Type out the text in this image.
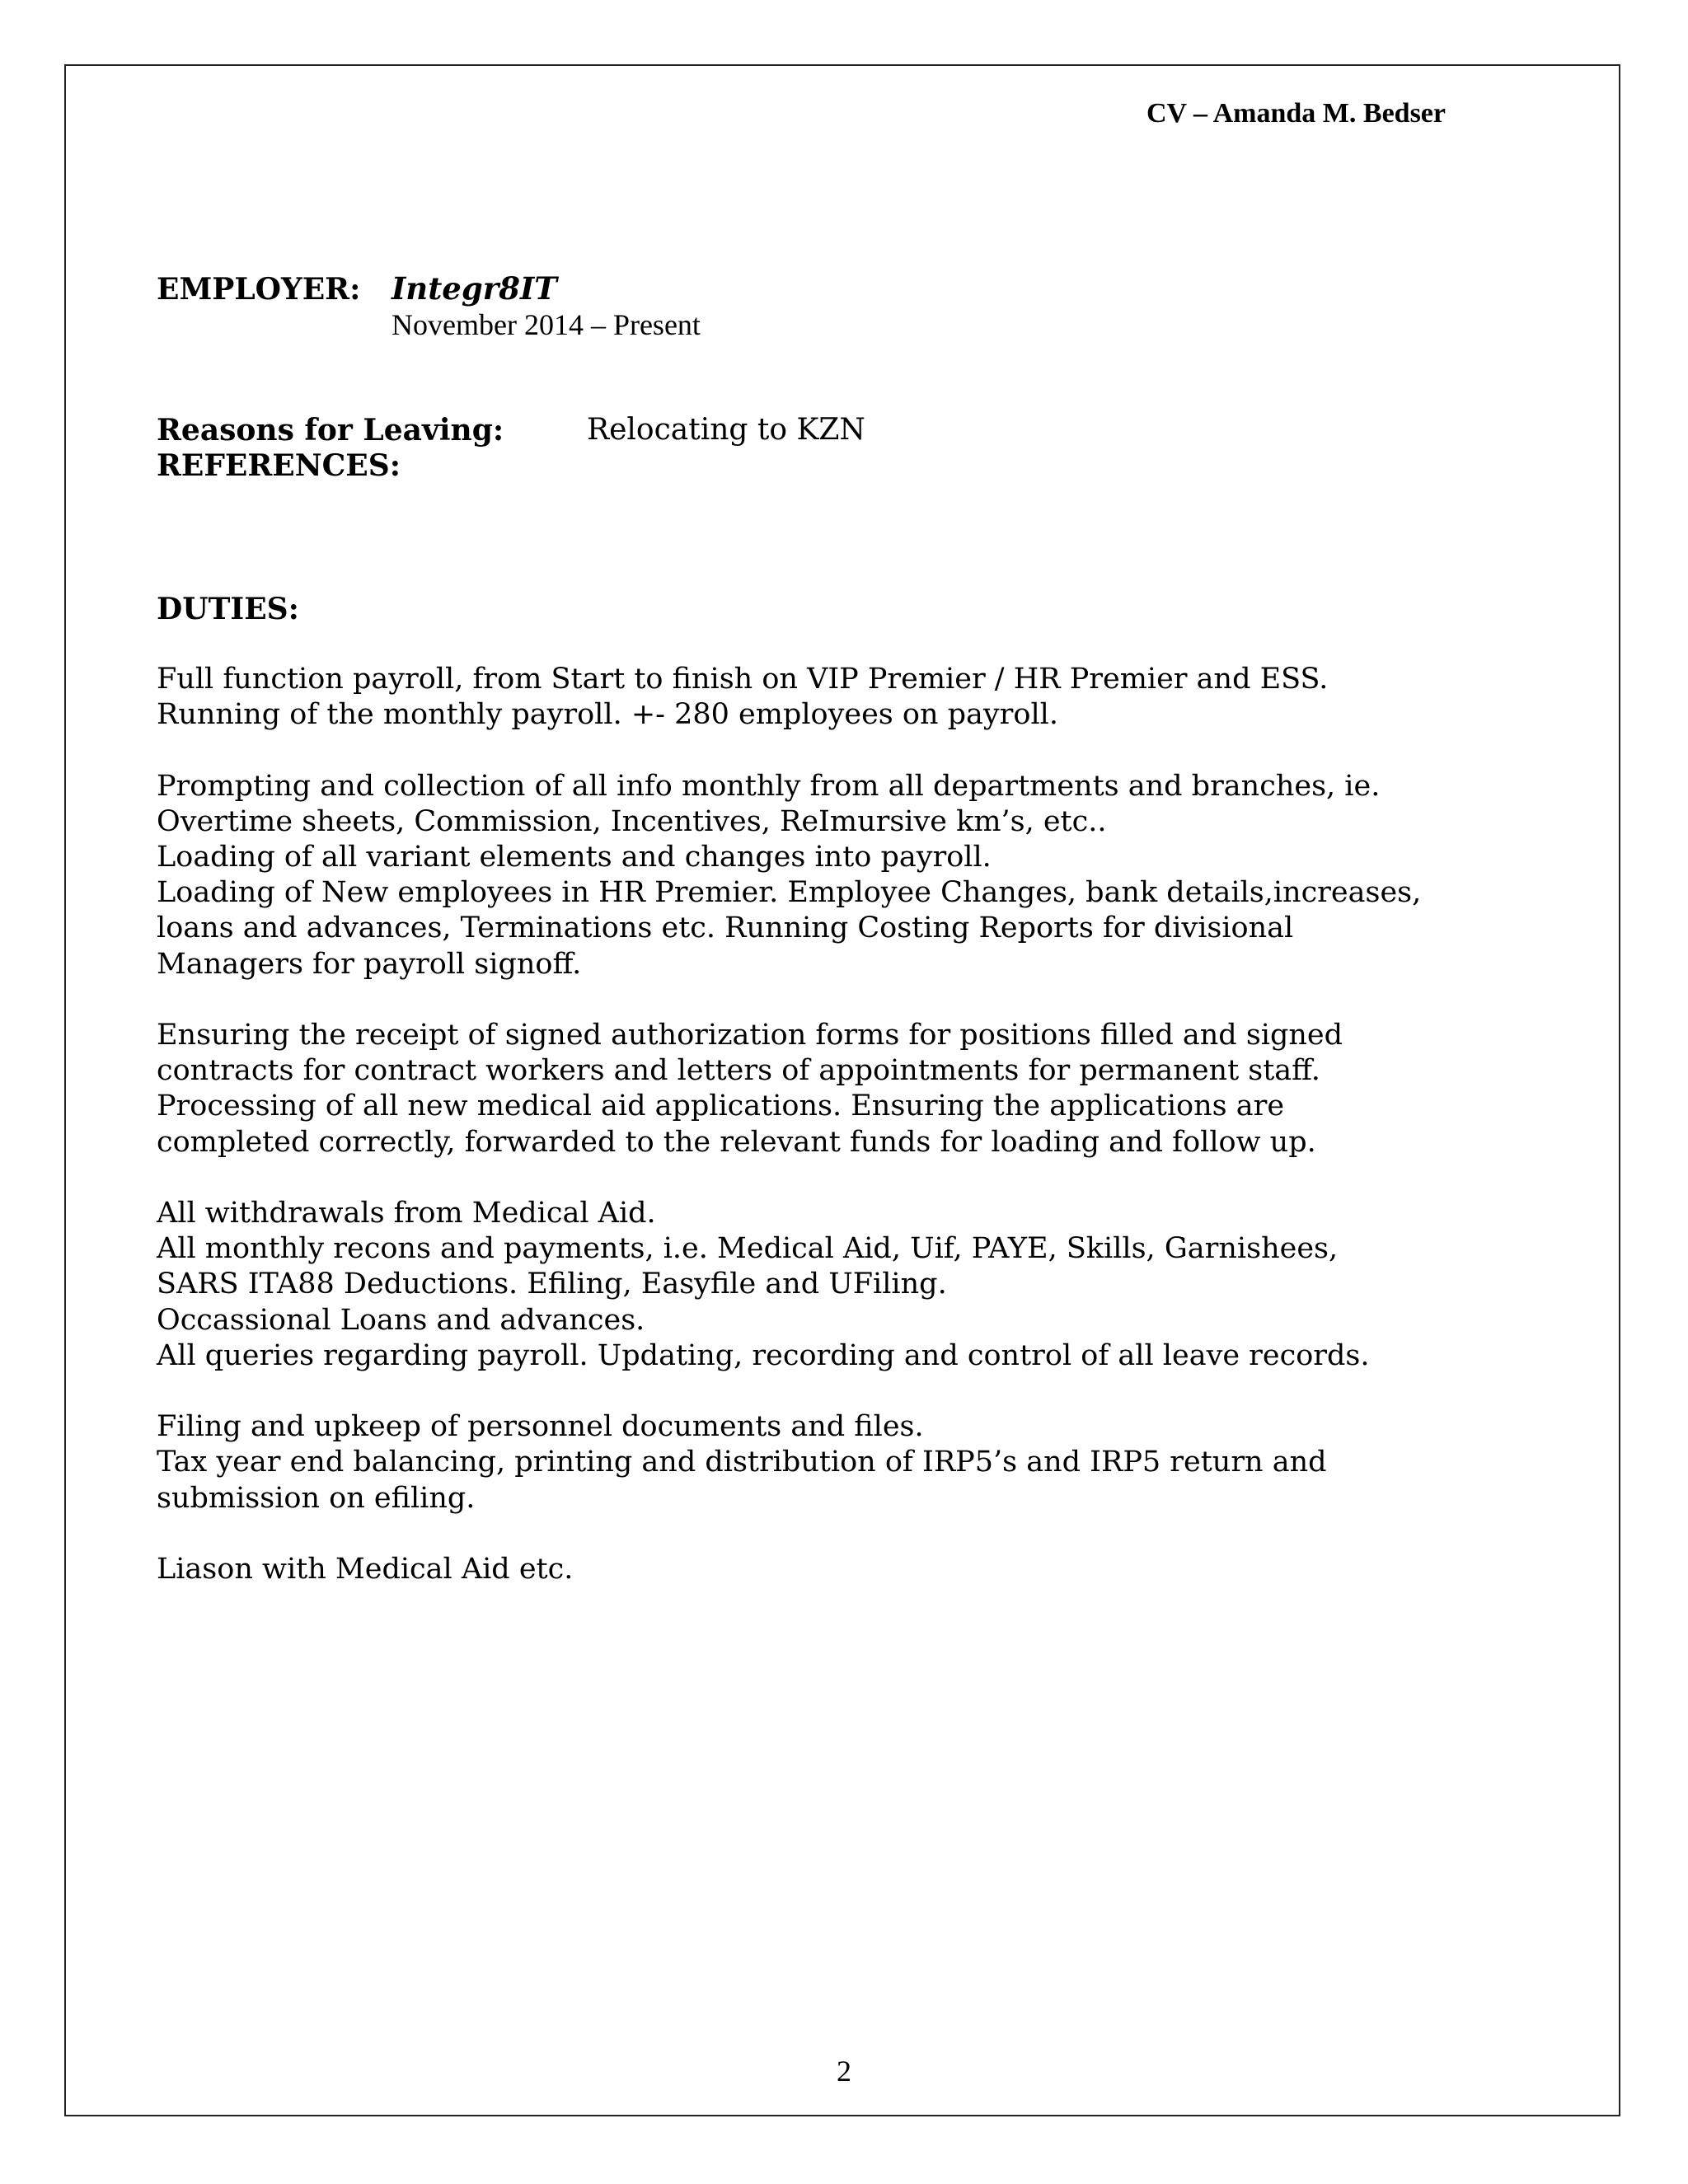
CV – Amanda M. Bedser
EMPLOYER: Integr8IT
November 2014 – Present
Reasons for Leaving:	Relocating to KZN
REFERENCES:
DUTIES:
Full function payroll, from Start to finish on VIP Premier / HR Premier and ESS.
Running of the monthly payroll. +- 280 employees on payroll.
Prompting and collection of all info monthly from all departments and branches, ie.
Overtime sheets, Commission, Incentives, ReImursive km’s, etc..
Loading of all variant elements and changes into payroll.
Loading of New employees in HR Premier. Employee Changes, bank details,increases,
loans and advances, Terminations etc. Running Costing Reports for divisional
Managers for payroll signoff.
Ensuring the receipt of signed authorization forms for positions filled and signed
contracts for contract workers and letters of appointments for permanent staff.
Processing of all new medical aid applications. Ensuring the applications are
completed correctly, forwarded to the relevant funds for loading and follow up.
All withdrawals from Medical Aid.
All monthly recons and payments, i.e. Medical Aid, Uif, PAYE, Skills, Garnishees,
SARS ITA88 Deductions. Efiling, Easyfile and UFiling.
Occassional Loans and advances.
All queries regarding payroll. Updating, recording and control of all leave records.
Filing and upkeep of personnel documents and files.
Tax year end balancing, printing and distribution of IRP5’s and IRP5 return and
submission on efiling.
Liason with Medical Aid etc.
2
